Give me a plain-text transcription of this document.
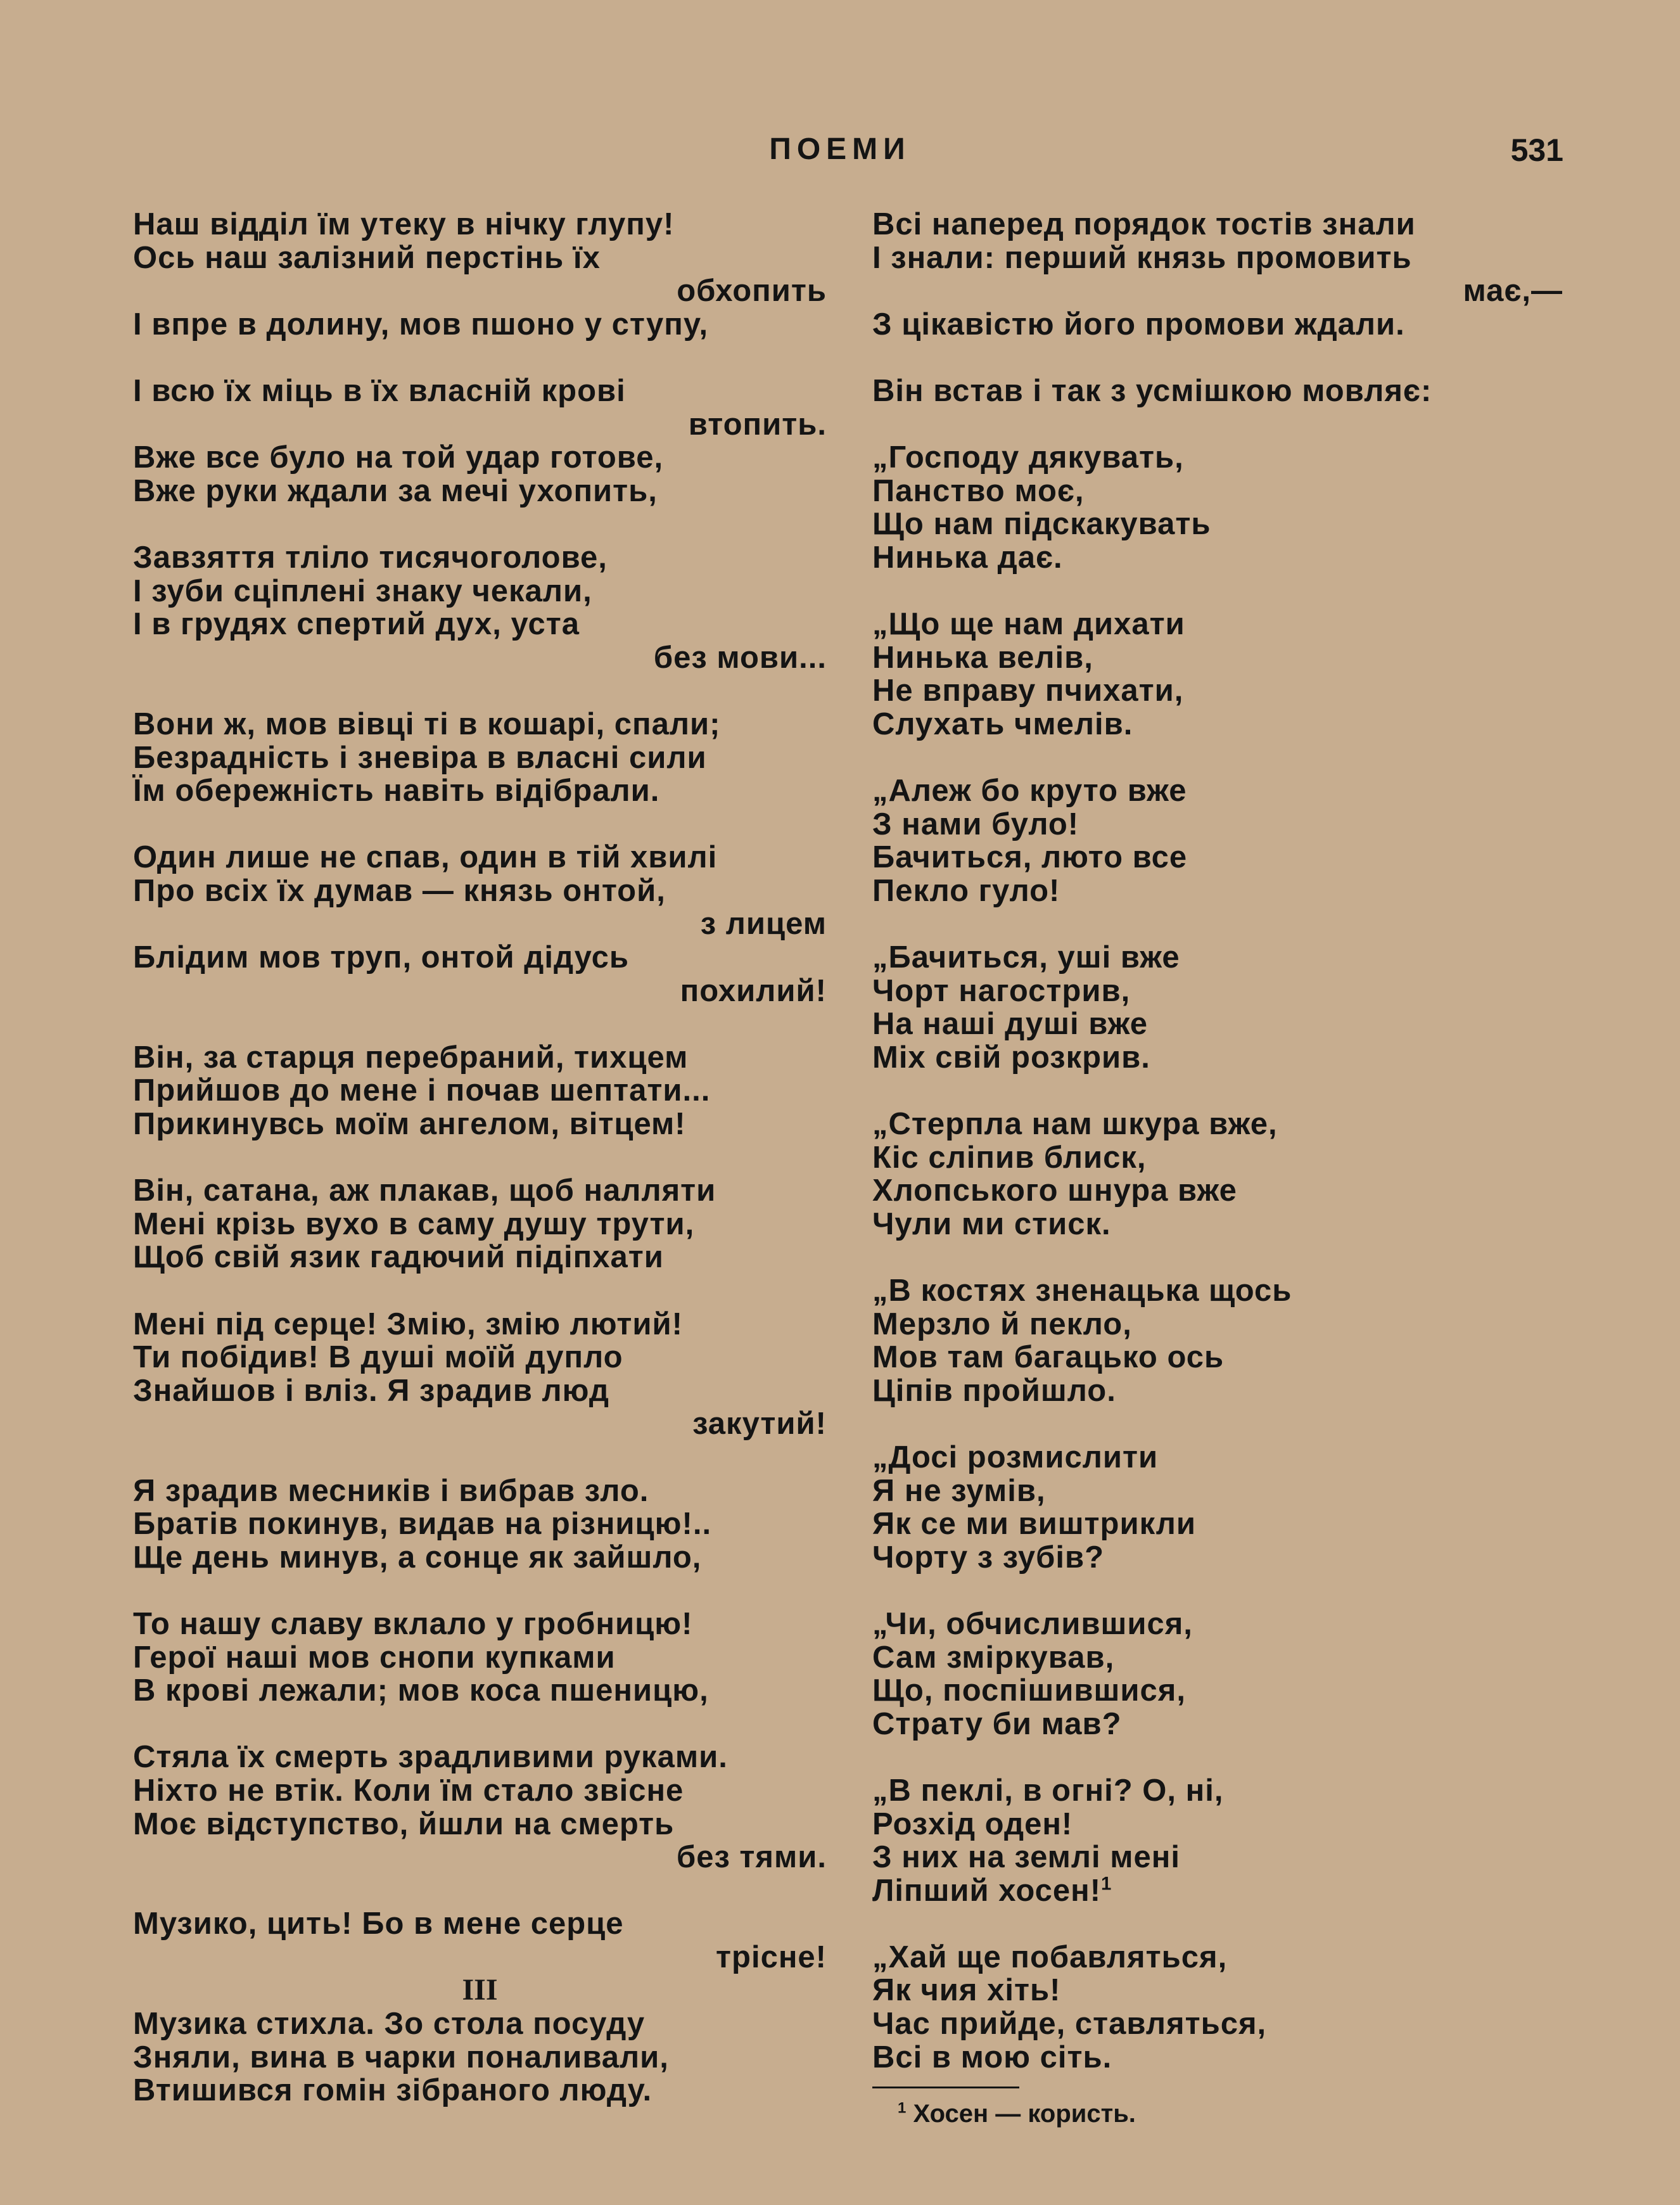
ПОЕМИ	531
Наш відділ їм утеку в нічку глупу!
Ось наш залізний перстінь їх
обхопить
І впре в долину, мов пшоно у ступу,
І всю їх міць в їх власній крові
втопить.
Вже все було на той удар готове,
Вже руки ждали за мечі ухопить,
Завзяття тліло тисячоголове,
І зуби сціплені знаку чекали,
І в грудях спертий дух, уста
без мови...
Вони ж, мов вівці ті в кошарі, спали;
Безрадність і зневіра в власні сили
Їм обережність навіть відібрали.
Один лише не спав, один в тій хвилі
Про всіх їх думав — князь онтой,
з лицем
Блідим мов труп, онтой дідусь
похилий!
Він, за старця перебраний, тихцем
Прийшов до мене і почав шептати...
Прикинувсь моїм ангелом, вітцем!
Він, сатана, аж плакав, щоб налляти
Мені крізь вухо в саму душу трути,
Щоб свій язик гадючий підіпхати
Мені під серце! Змію, змію лютий!
Ти побідив! В душі моїй дупло
Знайшов і вліз. Я зрадив люд
закутий!
Я зрадив месників і вибрав зло.
Братів покинув, видав на різницю!..
Ще день минув, а сонце як зайшло,
То нашу славу вклало у гробницю!
Герої наші мов снопи купками
В крові лежали; мов коса пшеницю,
Стяла їх смерть зрадливими руками.
Ніхто не втік. Коли їм стало звісне
Моє відступство, йшли на смерть
без тями.
Музико, цить! Бо в мене серце
тріснe!
III
Музика стихла. Зо стола посуду
Зняли, вина в чарки поналивали,
Втишився гомін зібраного люду.
Всі наперед порядок тостів знали
І знали: перший князь промовить
має,—
З цікавістю його промови ждали.
Він встав і так з усмішкою мовляє:
„Господу дякувать,
Панство моє,
Що нам підскакувать
Нинька дає.
„Що ще нам дихати
Нинька велів,
Не вправу пчихати,
Слухать чмелів.
„Алеж бо круто вже
З нами було!
Бачиться, люто все
Пекло гуло!
„Бачиться, уші вже
Чорт нагострив,
На наші душі вже
Міх свій розкрив.
„Стерпла нам шкура вже,
Кіс сліпив блиск,
Хлопського шнура вже
Чули ми стиск.
„В костях зненацька щось
Мерзло й пекло,
Мов там багацько ось
Ціпів пройшло.
„Досі розмислити
Я не зумів,
Як се ми виштрикли
Чорту з зубів?
„Чи, обчислившися,
Сам зміркував,
Що, поспішившися,
Страту би мав?
„В пеклі, в огні? О, ні,
Розхід оден!
З них на землі мені
Ліпший хосен!$^1$
„Хай ще побавляться,
Як чия хіть!
Час прийде, ставляться,
Всі в мою сіть.
$^1$ Хосен — користь.
